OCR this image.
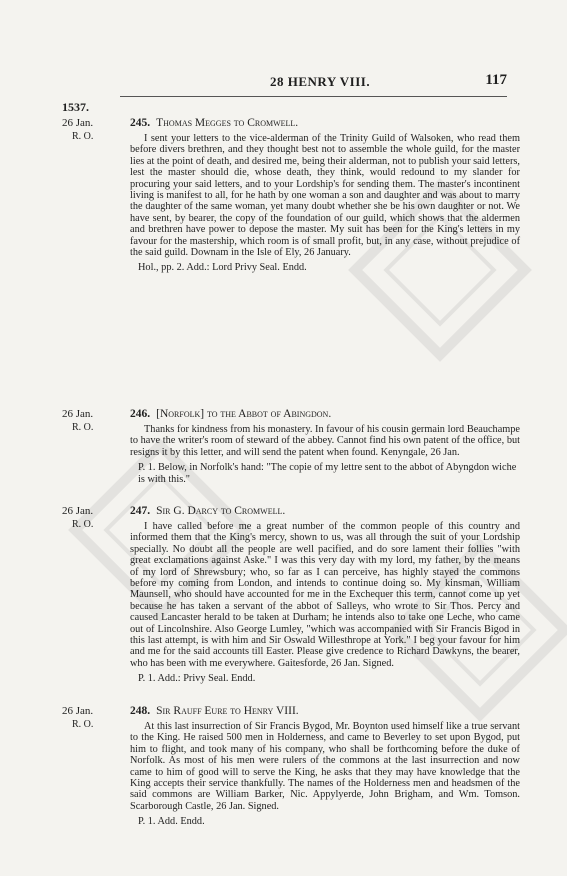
28 HENRY VIII.	117
1537.
26 Jan.
R. O.
245. Thomas Megges to Cromwell.

I sent your letters to the vice-alderman of the Trinity Guild of Walsoken, who read them before divers brethren, and they thought best not to assemble the whole guild, for the master lies at the point of death, and desired me, being their alderman, not to publish your said letters, lest the master should die, whose death, they think, would redound to my slander for procuring your said letters, and to your Lordship's for sending them. The master's incontinent living is manifest to all, for he hath by one woman a son and daughter and was about to marry the daughter of the same woman, yet many doubt whether she be his own daughter or not. We have sent, by bearer, the copy of the foundation of our guild, which shows that the aldermen and brethren have power to depose the master. My suit has been for the King's letters in my favour for the mastership, which room is of small profit, but, in any case, without prejudice of the said guild. Downam in the Isle of Ely, 26 January.

Hol., pp. 2. Add.: Lord Privy Seal. Endd.
26 Jan.
R. O.
246. [Norfolk] to the Abbot of Abingdon.

Thanks for kindness from his monastery. In favour of his cousin germain lord Beauchampe to have the writer's room of steward of the abbey. Cannot find his own patent of the office, but resigns it by this letter, and will send the patent when found. Kenyngale, 26 Jan.

P. 1. Below, in Norfolk's hand: "The copie of my lettre sent to the abbot of Abyngdon wiche is with this."
26 Jan.
R. O.
247. Sir G. Darcy to Cromwell.

I have called before me a great number of the common people of this country and informed them that the King's mercy, shown to us, was all through the suit of your Lordship specially. No doubt all the people are well pacified, and do sore lament their follies "with great exclamations against Aske." I was this very day with my lord, my father, by the means of my lord of Shrewsbury; who, so far as I can perceive, has highly stayed the commons before my coming from London, and intends to continue doing so. My kinsman, William Maunsell, who should have accounted for me in the Exchequer this term, cannot come up yet because he has taken a servant of the abbot of Salleys, who wrote to Sir Thos. Percy and caused Lancaster herald to be taken at Durham; he intends also to take one Leche, who came out of Lincolnshire. Also George Lumley, "which was accompanied with Sir Francis Bigod in this last attempt, is with him and Sir Oswald Willesthrope at York." I beg your favour for him and me for the said accounts till Easter. Please give credence to Richard Dawkyns, the bearer, who has been with me everywhere. Gaitesforde, 26 Jan. Signed.

P. 1. Add.: Privy Seal. Endd.
26 Jan.
R. O.
248. Sir Rauff Eure to Henry VIII.

At this last insurrection of Sir Francis Bygod, Mr. Boynton used himself like a true servant to the King. He raised 500 men in Holderness, and came to Beverley to set upon Bygod, put him to flight, and took many of his company, who shall be forthcoming before the duke of Norfolk. As most of his men were rulers of the commons at the last insurrection and now came to him of good will to serve the King, he asks that they may have knowledge that the King accepts their service thankfully. The names of the Holderness men and headsmen of the said commons are William Barker, Nic. Appylyerde, John Brigham, and Wm. Tomson. Scarborough Castle, 26 Jan. Signed.

P. 1. Add. Endd.
